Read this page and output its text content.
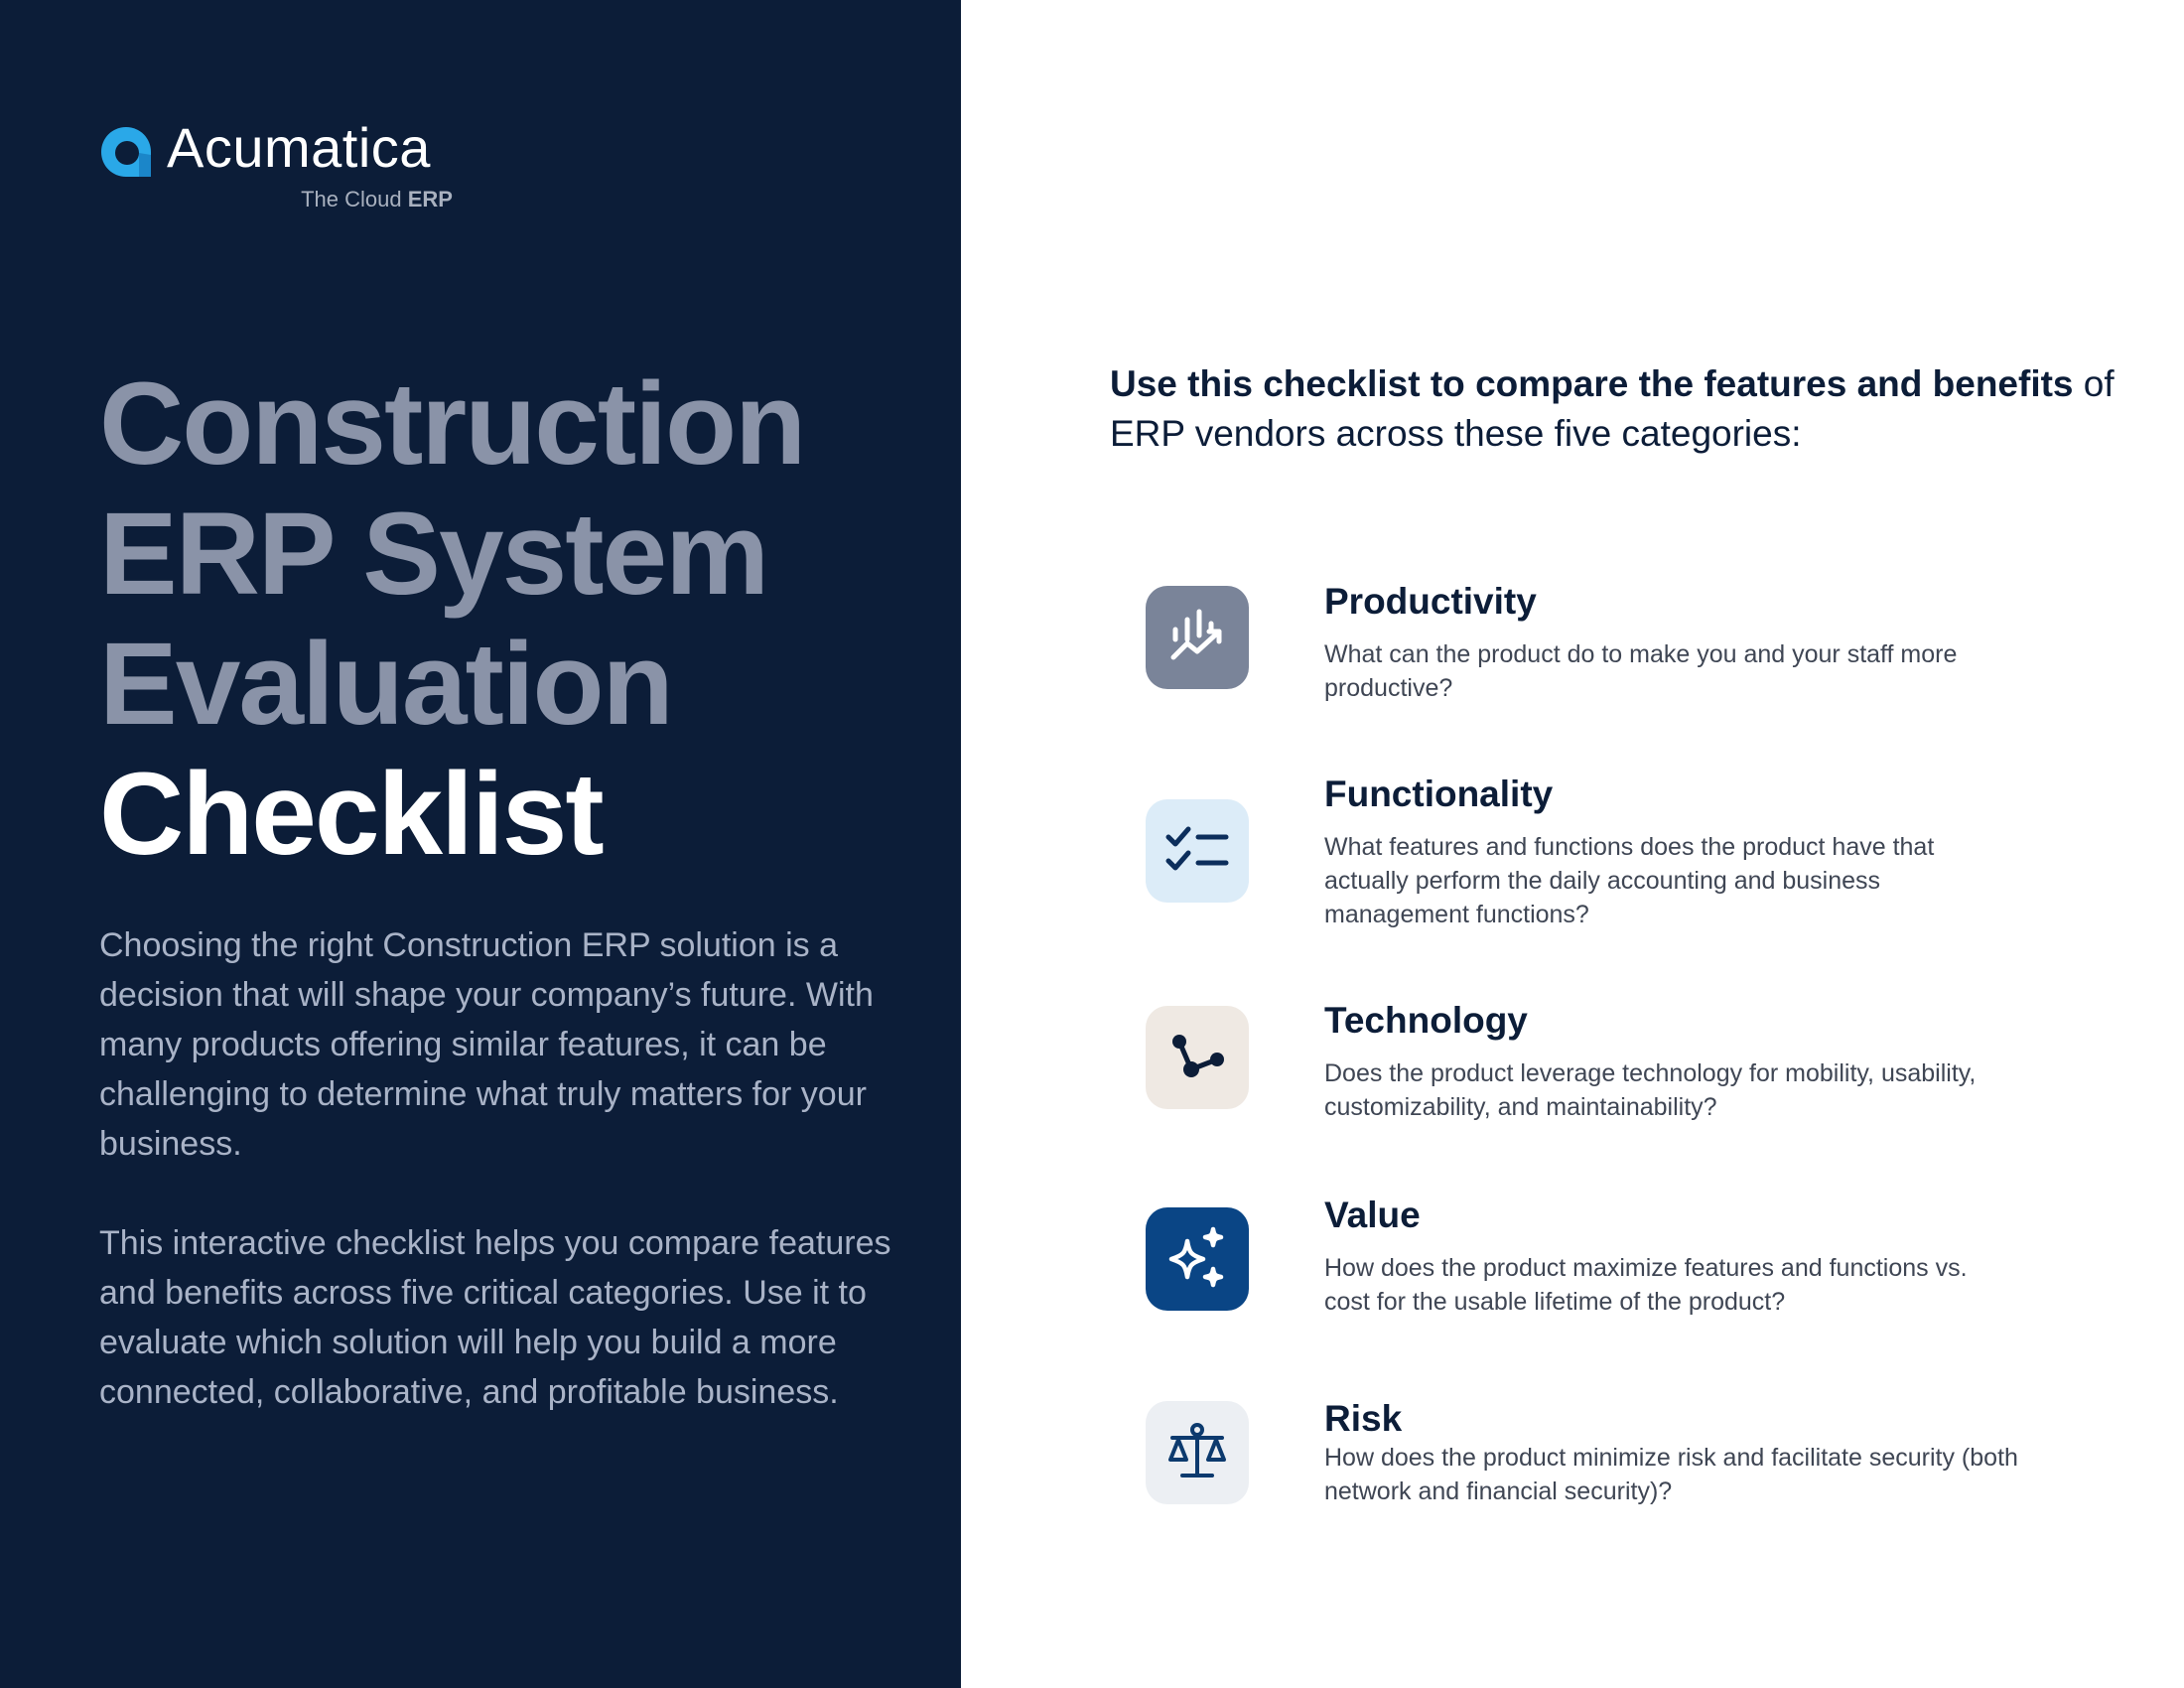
Acumatica
The Cloud ERP
Construction
ERP System
Evaluation
Checklist

Choosing the right Construction ERP solution is a decision that will shape your company’s future. With many products offering similar features, it can be challenging to determine what truly matters for your business.

This interactive checklist helps you compare features and benefits across five critical categories. Use it to evaluate which solution will help you build a more connected, collaborative, and profitable business.

Use this checklist to compare the features and benefits of ERP vendors across these five categories:

Productivity
What can the product do to make you and your staff more productive?
Functionality
What features and functions does the product have that actually perform the daily accounting and business management functions?
Technology
Does the product leverage technology for mobility, usability, customizability, and maintainability?
Value
How does the product maximize features and functions vs. cost for the usable lifetime of the product?
Risk
How does the product minimize risk and facilitate security (both network and financial security)?
